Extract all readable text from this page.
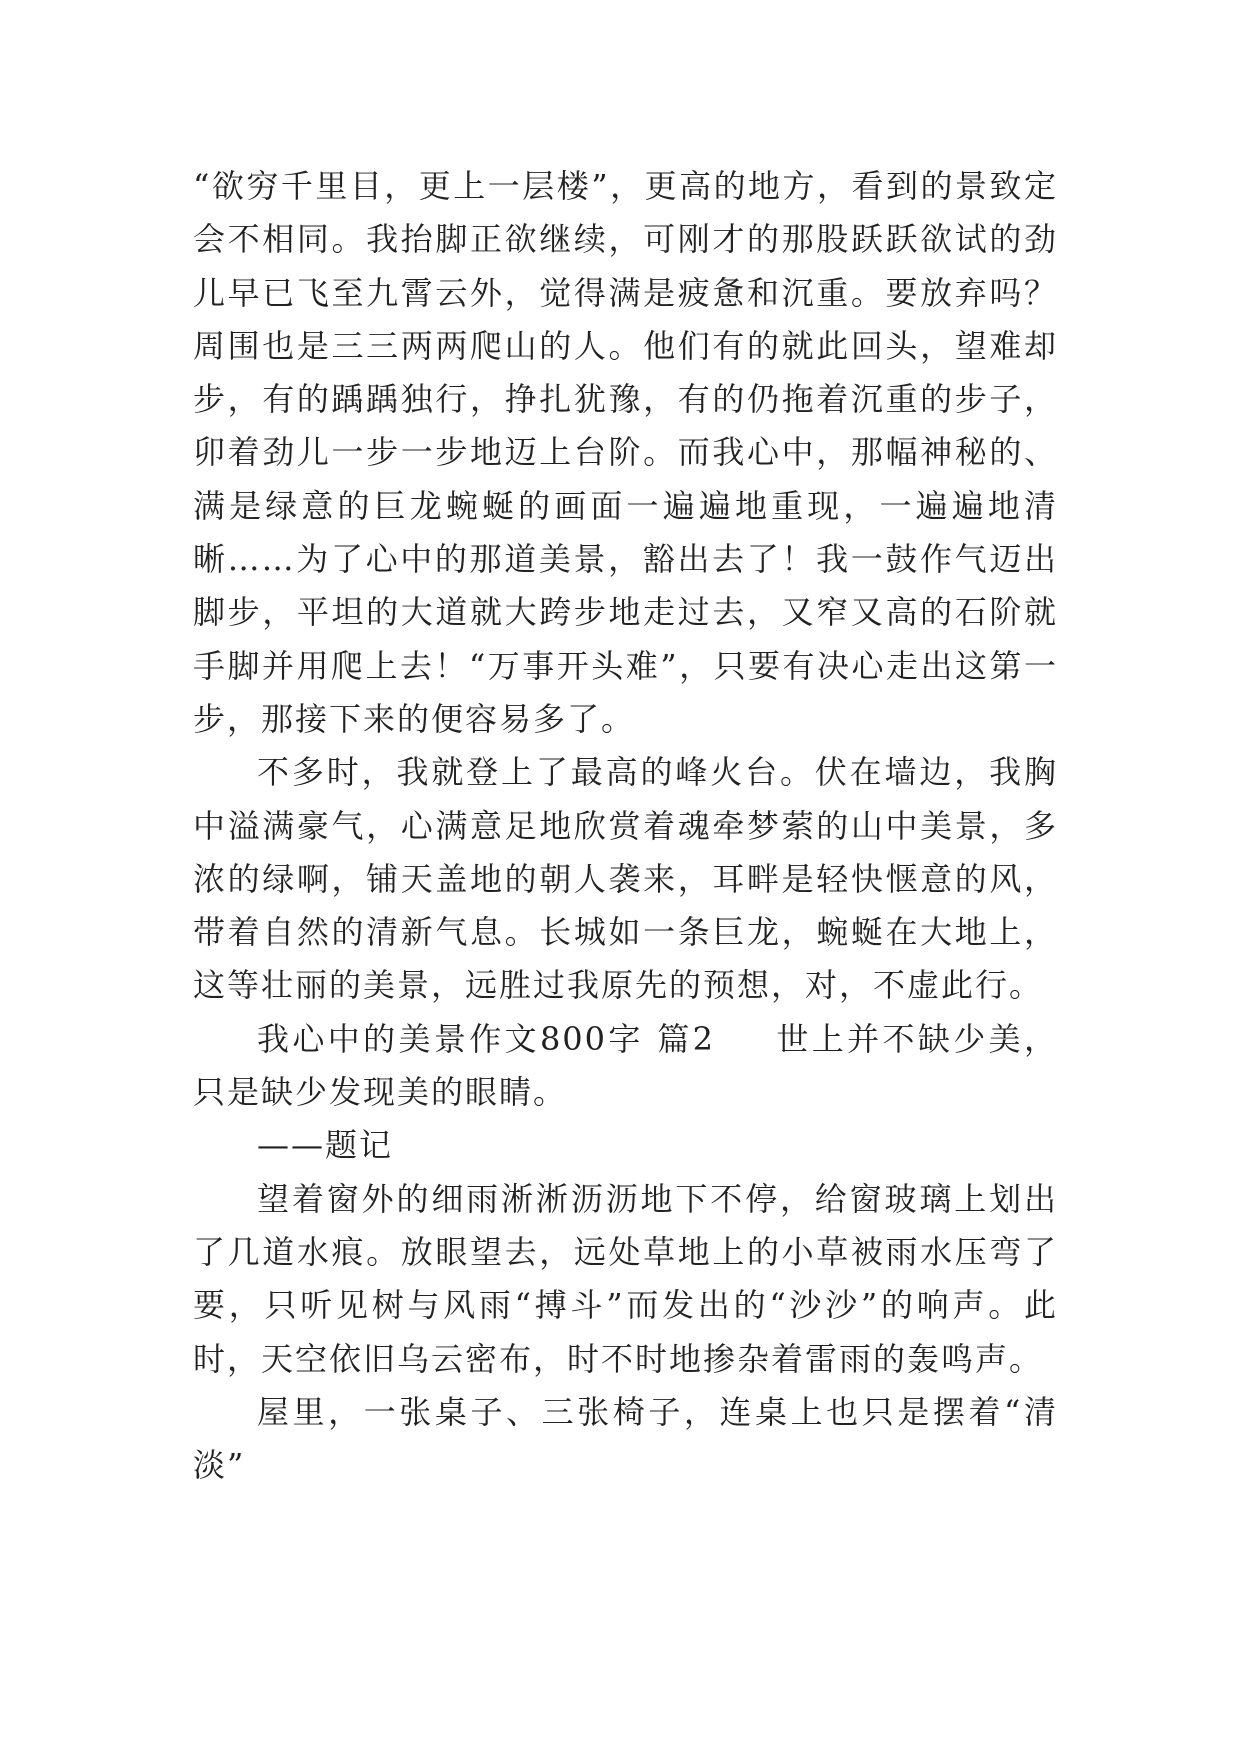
“欲穷千里目，更上一层楼”，更高的地方，看到的景致定会不相同。我抬脚正欲继续，可刚才的那股跃跃欲试的劲儿早已飞至九霄云外，觉得满是疲惫和沉重。要放弃吗？周围也是三三两两爬山的人。他们有的就此回头，望难却步，有的踽踽独行，挣扎犹豫，有的仍拖着沉重的步子，卯着劲儿一步一步地迈上台阶。而我心中，那幅神秘的、满是绿意的巨龙蜿蜒的画面一遍遍地重现，一遍遍地清晰……为了心中的那道美景，豁出去了！我一鼓作气迈出脚步，平坦的大道就大跨步地走过去，又窄又高的石阶就手脚并用爬上去！“万事开头难”，只要有决心走出这第一步，那接下来的便容易多了。

不多时，我就登上了最高的峰火台。伏在墙边，我胸中溢满豪气，心满意足地欣赏着魂牵梦萦的山中美景，多浓的绿啊，铺天盖地的朝人袭来，耳畔是轻快惬意的风，带着自然的清新气息。长城如一条巨龙，蜿蜒在大地上，这等壮丽的美景，远胜过我原先的预想，对，不虚此行。

我心中的美景作文800字 篇2 世上并不缺少美，只是缺少发现美的眼睛。

——题记

望着窗外的细雨淅淅沥沥地下不停，给窗玻璃上划出了几道水痕。放眼望去，远处草地上的小草被雨水压弯了要，只听见树与风雨“搏斗”而发出的“沙沙”的响声。此时，天空依旧乌云密布，时不时地掺杂着雷雨的轰鸣声。

屋里，一张桌子、三张椅子，连桌上也只是摆着“清淡”
